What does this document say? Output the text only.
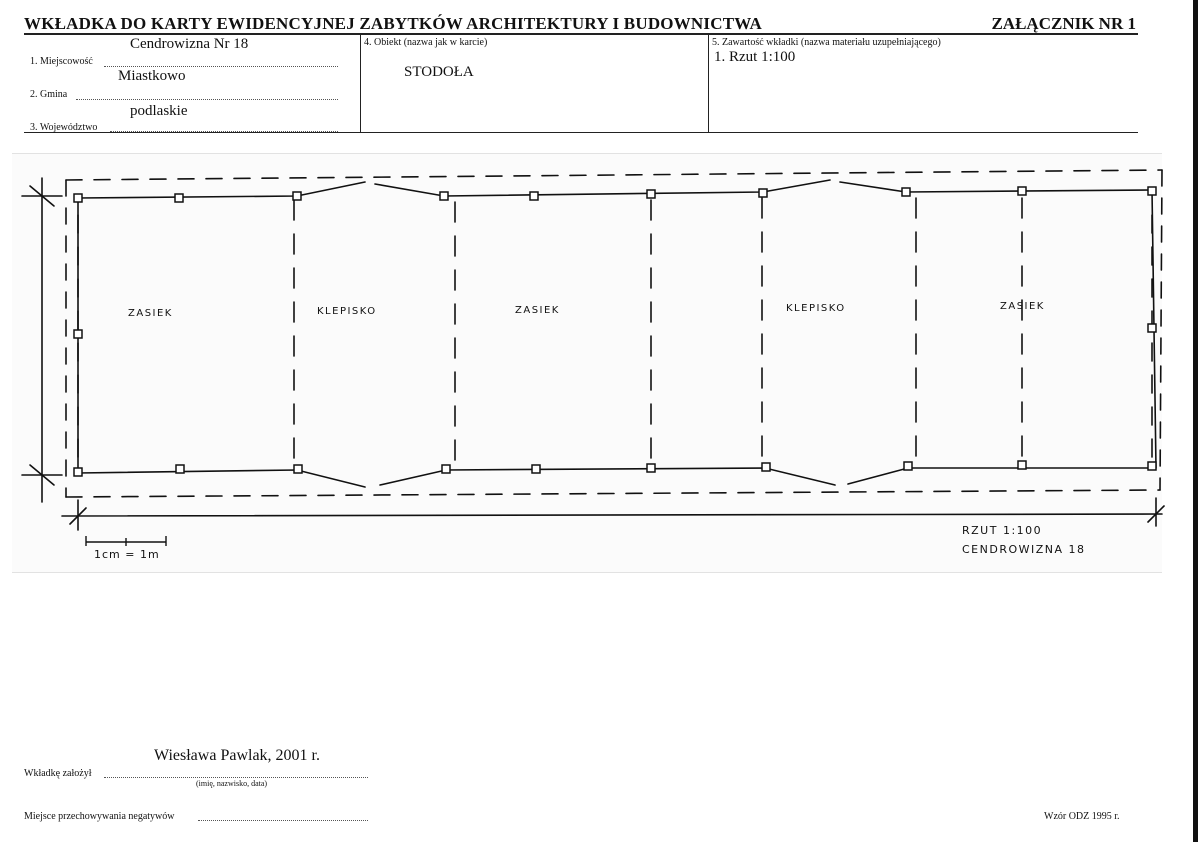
WKŁADKA DO KARTY EWIDENCYJNEJ ZABYTKÓW ARCHITEKTURY I BUDOWNICTWA	ZAŁĄCZNIK NR 1
Cendrowizna Nr 18
1. Miejscowość
Miastkowo
2. Gmina
podlaskie
3. Województwo
4. Obiekt (nazwa jak w karcie)
STODOŁA
5. Zawartość wkładki (nazwa materiału uzupełniającego)
1. Rzut 1:100
ZASIEK	KLEPISKO	ZASIEK	KLEPISKO	ZASIEK
1cm = 1m
RZUT 1:100
CENDROWIZNA 18
Wiesława Pawlak, 2001 r.
Wkładkę założył
(imię, nazwisko, data)
Miejsce przechowywania negatywów	Wzór ODZ 1995 r.
